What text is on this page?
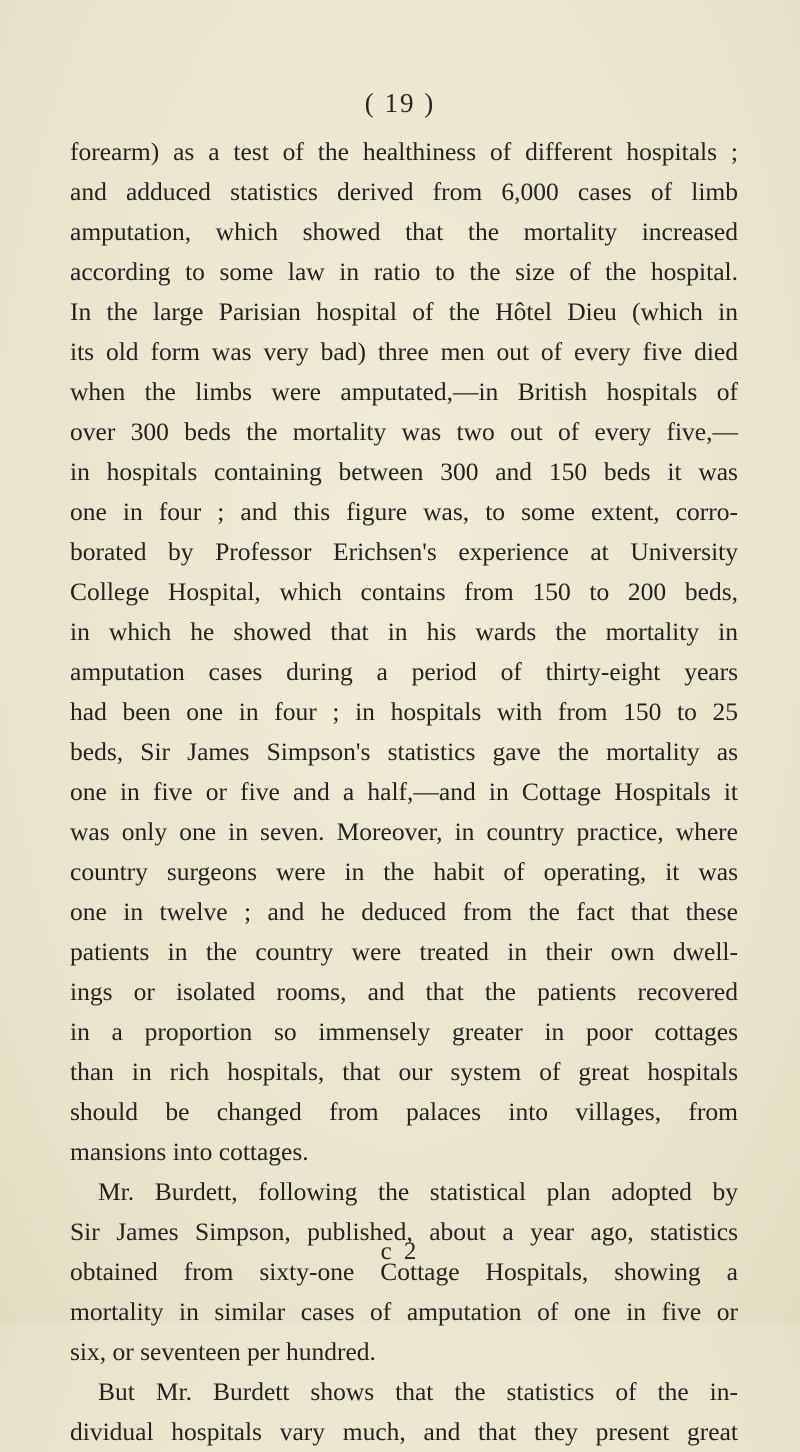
( 19 )
forearm) as a test of the healthiness of different hospitals ;
and adduced statistics derived from 6,000 cases of limb
amputation, which showed that the mortality increased
according to some law in ratio to the size of the hospital.
In the large Parisian hospital of the Hôtel Dieu (which in
its old form was very bad) three men out of every five died
when the limbs were amputated,—in British hospitals of
over 300 beds the mortality was two out of every five,—
in hospitals containing between 300 and 150 beds it was
one in four ; and this figure was, to some extent, corro-
borated by Professor Erichsen's experience at University
College Hospital, which contains from 150 to 200 beds,
in which he showed that in his wards the mortality in
amputation cases during a period of thirty-eight years
had been one in four ; in hospitals with from 150 to 25
beds, Sir James Simpson's statistics gave the mortality as
one in five or five and a half,—and in Cottage Hospitals it
was only one in seven. Moreover, in country practice, where
country surgeons were in the habit of operating, it was
one in twelve ; and he deduced from the fact that these
patients in the country were treated in their own dwell-
ings or isolated rooms, and that the patients recovered
in a proportion so immensely greater in poor cottages
than in rich hospitals, that our system of great hospitals
should be changed from palaces into villages, from
mansions into cottages.
Mr. Burdett, following the statistical plan adopted by
Sir James Simpson, published, about a year ago, statistics
obtained from sixty-one Cottage Hospitals, showing a
mortality in similar cases of amputation of one in five or
six, or seventeen per hundred.
But Mr. Burdett shows that the statistics of the in-
dividual hospitals vary much, and that they present great
c 2
